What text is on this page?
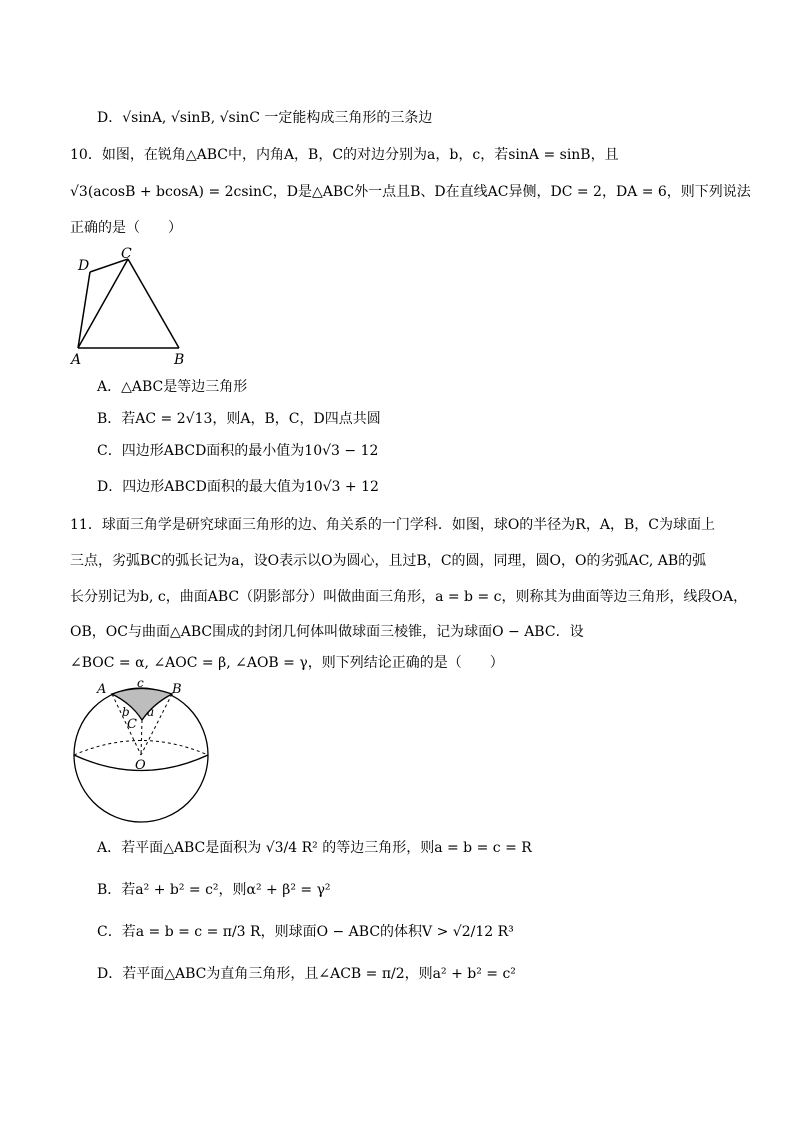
D．√sinA, √sinB, √sinC 一定能构成三角形的三条边
10．如图，在锐角△ABC中，内角A，B，C的对边分别为a，b，c，若sinA = sinB，且
√3(acosB + bcosA) = 2csinC，D是△ABC外一点且B、D在直线AC异侧，DC = 2，DA = 6，则下列说法
正确的是（　　）
C
D
A	B
A．△ABC是等边三角形
B．若AC = 2√13，则A，B，C，D四点共圆
C．四边形ABCD面积的最小值为10√3 − 12
D．四边形ABCD面积的最大值为10√3 + 12
11．球面三角学是研究球面三角形的边、角关系的一门学科．如图，球O的半径为R，A，B，C为球面上
三点，劣弧BC的弧长记为a，设O表示以O为圆心，且过B，C的圆，同理，圆O，O的劣弧AC, AB的弧
长分别记为b, c，曲面ABC（阴影部分）叫做曲面三角形，a = b = c，则称其为曲面等边三角形，线段OA，
OB，OC与曲面△ABC围成的封闭几何体叫做球面三棱锥，记为球面O − ABC．设
∠BOC = α, ∠AOC = β, ∠AOB = γ，则下列结论正确的是（　　）
A	B
c
b a
C
O
A．若平面△ABC是面积为 √3/4 R² 的等边三角形，则a = b = c = R
B．若a² + b² = c²，则α² + β² = γ²
C．若a = b = c = π/3 R，则球面O − ABC的体积V > √2/12 R³
D．若平面△ABC为直角三角形，且∠ACB = π/2，则a² + b² = c²
